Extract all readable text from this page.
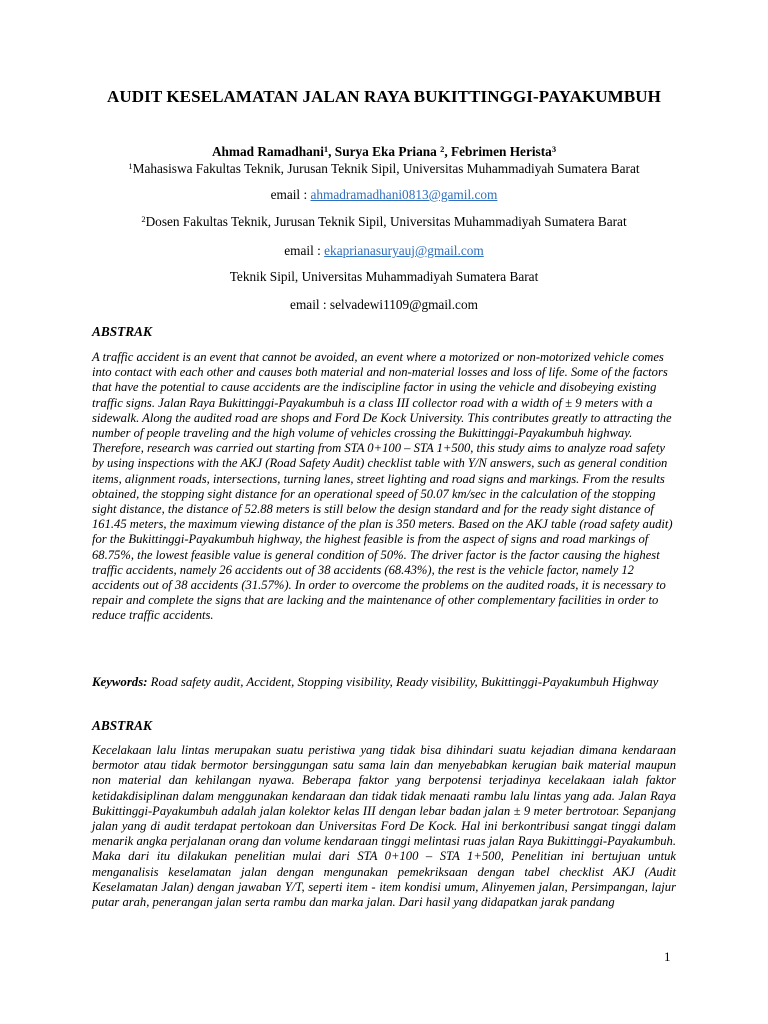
AUDIT KESELAMATAN JALAN RAYA BUKITTINGGI-PAYAKUMBUH
Ahmad Ramadhani$^1$, Surya Eka Priana $^2$, Febrimen Herista$^3$
$^1$Mahasiswa Fakultas Teknik, Jurusan Teknik Sipil, Universitas Muhammadiyah Sumatera Barat
email : ahmadramadhani0813@gamil.com
$^2$Dosen Fakultas Teknik, Jurusan Teknik Sipil, Universitas Muhammadiyah Sumatera Barat
email : ekaprianasuryauj@gmail.com
Teknik Sipil, Universitas Muhammadiyah Sumatera Barat
email : selvadewi1109@gmail.com
ABSTRAK

A traffic accident is an event that cannot be avoided, an event where a motorized or non-motorized vehicle comes into contact with each other and causes both material and non-material losses and loss of life. Some of the factors that have the potential to cause accidents are the indiscipline factor in using the vehicle and disobeying existing traffic signs. Jalan Raya Bukittinggi-Payakumbuh is a class III collector road with a width of ± 9 meters with a sidewalk. Along the audited road are shops and Ford De Kock University. This contributes greatly to attracting the number of people traveling and the high volume of vehicles crossing the Bukittinggi-Payakumbuh highway. Therefore, research was carried out starting from STA 0+100 – STA 1+500, this study aims to analyze road safety by using inspections with the AKJ (Road Safety Audit) checklist table with Y/N answers, such as general condition items, alignment roads, intersections, turning lanes, street lighting and road signs and markings. From the results obtained, the stopping sight distance for an operational speed of 50.07 km/sec in the calculation of the stopping sight distance, the distance of 52.88 meters is still below the design standard and for the ready sight distance of 161.45 meters, the maximum viewing distance of the plan is 350 meters. Based on the AKJ table (road safety audit) for the Bukittinggi-Payakumbuh highway, the highest feasible is from the aspect of signs and road markings of 68.75%, the lowest feasible value is general condition of 50%. The driver factor is the factor causing the highest traffic accidents, namely 26 accidents out of 38 accidents (68.43%), the rest is the vehicle factor, namely 12 accidents out of 38 accidents (31.57%). In order to overcome the problems on the audited roads, it is necessary to repair and complete the signs that are lacking and the maintenance of other complementary facilities in order to reduce traffic accidents.

Keywords: Road safety audit, Accident, Stopping visibility, Ready visibility, Bukittinggi-Payakumbuh Highway
ABSTRAK

Kecelakaan lalu lintas merupakan suatu peristiwa yang tidak bisa dihindari suatu kejadian dimana kendaraan bermotor atau tidak bermotor bersinggungan satu sama lain dan menyebabkan kerugian baik material maupun non material dan kehilangan nyawa. Beberapa faktor yang berpotensi terjadinya kecelakaan ialah faktor ketidakdisiplinan dalam menggunakan kendaraan dan tidak tidak menaati rambu lalu lintas yang ada. Jalan Raya Bukittinggi-Payakumbuh adalah jalan kolektor kelas III dengan lebar badan jalan ± 9 meter bertrotoar. Sepanjang jalan yang di audit terdapat pertokoan dan Universitas Ford De Kock. Hal ini berkontribusi sangat tinggi dalam menarik angka perjalanan orang dan volume kendaraan tinggi melintasi ruas jalan Raya Bukittinggi-Payakumbuh. Maka dari itu dilakukan penelitian mulai dari STA 0+100 – STA 1+500, Penelitian ini bertujuan untuk menganalisis keselamatan jalan dengan mengunakan pemekriksaan dengan tabel checklist AKJ (Audit Keselamatan Jalan) dengan jawaban Y/T, seperti item - item kondisi umum, Alinyemen jalan, Persimpangan, lajur putar arah, penerangan jalan serta rambu dan marka jalan. Dari hasil yang didapatkan jarak pandang

1
